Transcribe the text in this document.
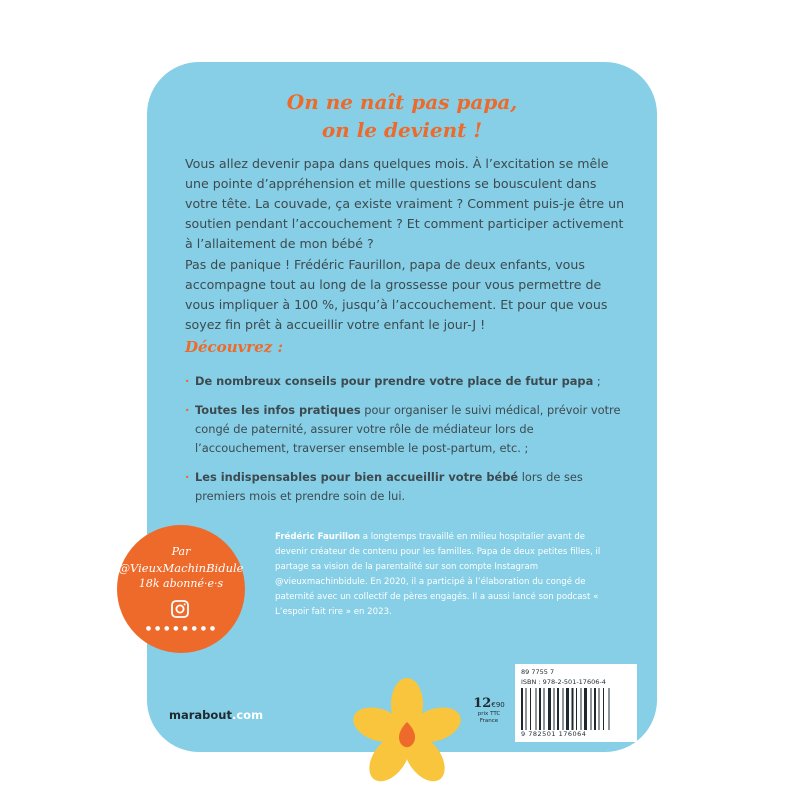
On ne naît pas papa,
on le devient !

Vous allez devenir papa dans quelques mois. À l’excitation se mêle une pointe d’appréhension et mille questions se bousculent dans votre tête. La couvade, ça existe vraiment ? Comment puis-je être un soutien pendant l’accouchement ? Et comment participer activement à l’allaitement de mon bébé ?

Pas de panique ! Frédéric Faurillon, papa de deux enfants, vous accompagne tout au long de la grossesse pour vous permettre de vous impliquer à 100 %, jusqu’à l’accouchement. Et pour que vous soyez fin prêt à accueillir votre enfant le jour-J !

Découvrez :
· De nombreux conseils pour prendre votre place de futur papa ;
· Toutes les infos pratiques pour organiser le suivi médical, prévoir votre congé de paternité, assurer votre rôle de médiateur lors de l’accouchement, traverser ensemble le post-partum, etc. ;
· Les indispensables pour bien accueillir votre bébé lors de ses premiers mois et prendre soin de lui.
Par
@VieuxMachinBidule
18k abonné·e·s
● ● ● ● ● ● ● ●
Frédéric Faurillon a longtemps travaillé en milieu hospitalier avant de devenir créateur de contenu pour les familles. Papa de deux petites filles, il partage sa vision de la parentalité sur son compte Instagram @vieuxmachinbidule. En 2020, il a participé à l’élaboration du congé de paternité avec un collectif de pères engagés. Il a aussi lancé son podcast « L’espoir fait rire » en 2023.
marabout.com
12€90
prix TTC France
89 7755 7
ISBN : 978-2-501-17606-4
9 782501 176064
